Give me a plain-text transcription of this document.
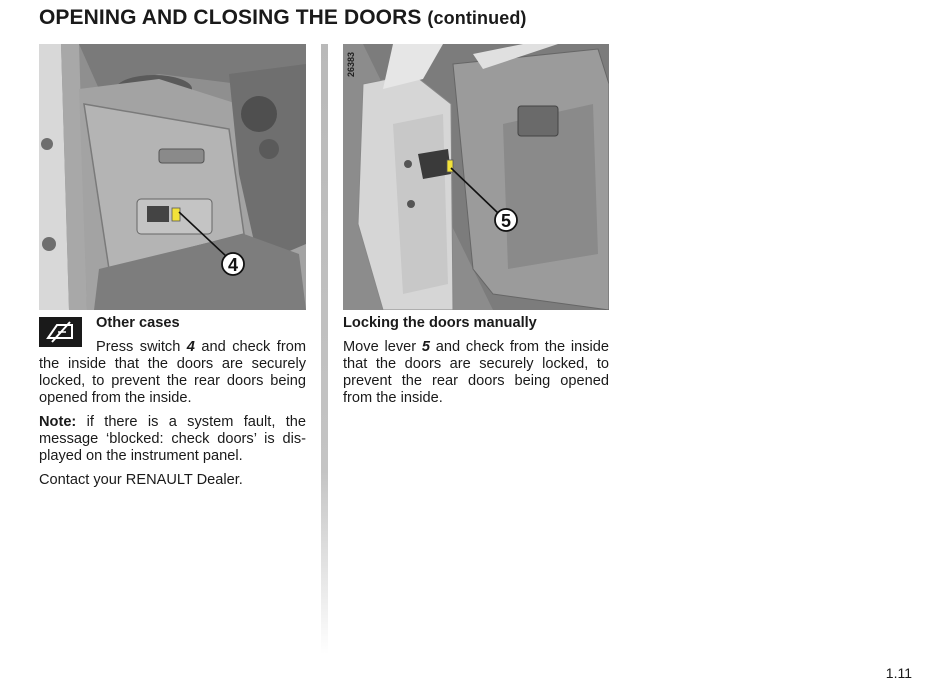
OPENING AND CLOSING THE DOORS (continued)
4
5
26383
Other cases

Press switch 4 and check from the inside that the doors are securely locked, to prevent the rear doors being opened from the inside.

Note: if there is a system fault, the message ‘blocked: check doors’ is dis-played on the instrument panel.

Contact your RENAULT Dealer.

Locking the doors manually

Move lever 5 and check from the inside that the doors are securely locked, to prevent the rear doors being opened from the inside.

1.11
